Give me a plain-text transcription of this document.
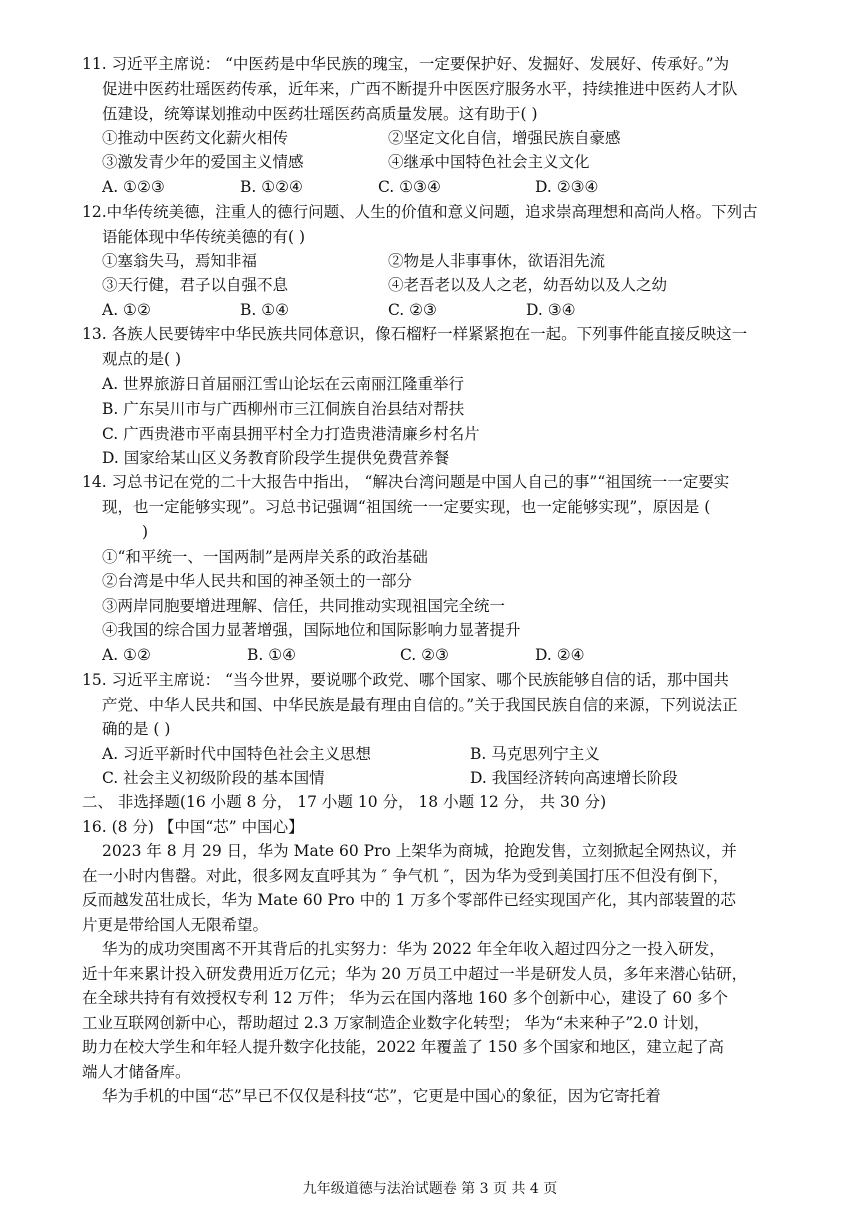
11. 习近平主席说： “中医药是中华民族的瑰宝，一定要保护好、发掘好、发展好、传承好。”为
促进中医药壮瑶医药传承，近年来，广西不断提升中医医疗服务水平，持续推进中医药人才队
伍建设，统筹谋划推动中医药壮瑶医药高质量发展。这有助于( )
①推动中医药文化薪火相传	②坚定文化自信，增强民族自豪感
③激发青少年的爱国主义情感	④继承中国特色社会主义文化
A. ①②③	B. ①②④	C. ①③④	D. ②③④
12.中华传统美德，注重人的德行问题、人生的价值和意义问题，追求崇高理想和高尚人格。下列古
语能体现中华传统美德的有( )
①塞翁失马，焉知非福	②物是人非事事休，欲语泪先流
③天行健，君子以自强不息	④老吾老以及人之老，幼吾幼以及人之幼
A. ①②	B. ①④	C. ②③	D. ③④
13. 各族人民要铸牢中华民族共同体意识，像石榴籽一样紧紧抱在一起。下列事件能直接反映这一
观点的是( )
A. 世界旅游日首届丽江雪山论坛在云南丽江隆重举行
B. 广东吴川市与广西柳州市三江侗族自治县结对帮扶
C. 广西贵港市平南县拥平村全力打造贵港清廉乡村名片
D. 国家给某山区义务教育阶段学生提供免费营养餐
14. 习总书记在党的二十大报告中指出， “解决台湾问题是中国人自己的事”“祖国统一一定要实
现，也一定能够实现”。习总书记强调“祖国统一一定要实现，也一定能够实现”，原因是 (
)
①“和平统一、一国两制”是两岸关系的政治基础
②台湾是中华人民共和国的神圣领土的一部分
③两岸同胞要增进理解、信任，共同推动实现祖国完全统一
④我国的综合国力显著增强，国际地位和国际影响力显著提升
A. ①②	B. ①④	C. ②③	D. ②④
15. 习近平主席说： “当今世界，要说哪个政党、哪个国家、哪个民族能够自信的话，那中国共
产党、中华人民共和国、中华民族是最有理由自信的。”关于我国民族自信的来源，下列说法正
确的是 ( )
A. 习近平新时代中国特色社会主义思想	B. 马克思列宁主义
C. 社会主义初级阶段的基本国情	D. 我国经济转向高速增长阶段
二、 非选择题(16 小题 8 分， 17 小题 10 分， 18 小题 12 分， 共 30 分)
16. (8 分) 【中国“芯” 中国心】
2023 年 8 月 29 日，华为 Mate 60 Pro 上架华为商城，抢跑发售，立刻掀起全网热议，并
在一小时内售罄。对此，很多网友直呼其为 ″ 争气机 ″，因为华为受到美国打压不但没有倒下，
反而越发茁壮成长，华为 Mate 60 Pro 中的 1 万多个零部件已经实现国产化，其内部装置的芯
片更是带给国人无限希望。
华为的成功突围离不开其背后的扎实努力：华为 2022 年全年收入超过四分之一投入研发，
近十年来累计投入研发费用近万亿元；华为 20 万员工中超过一半是研发人员，多年来潜心钻研，
在全球共持有有效授权专利 12 万件； 华为云在国内落地 160 多个创新中心，建设了 60 多个
工业互联网创新中心，帮助超过 2.3 万家制造企业数字化转型； 华为“未来种子”2.0 计划，
助力在校大学生和年轻人提升数字化技能，2022 年覆盖了 150 多个国家和地区，建立起了高
端人才储备库。
华为手机的中国“芯”早已不仅仅是科技“芯”，它更是中国心的象征，因为它寄托着
九年级道德与法治试题卷 第 3 页 共 4 页
